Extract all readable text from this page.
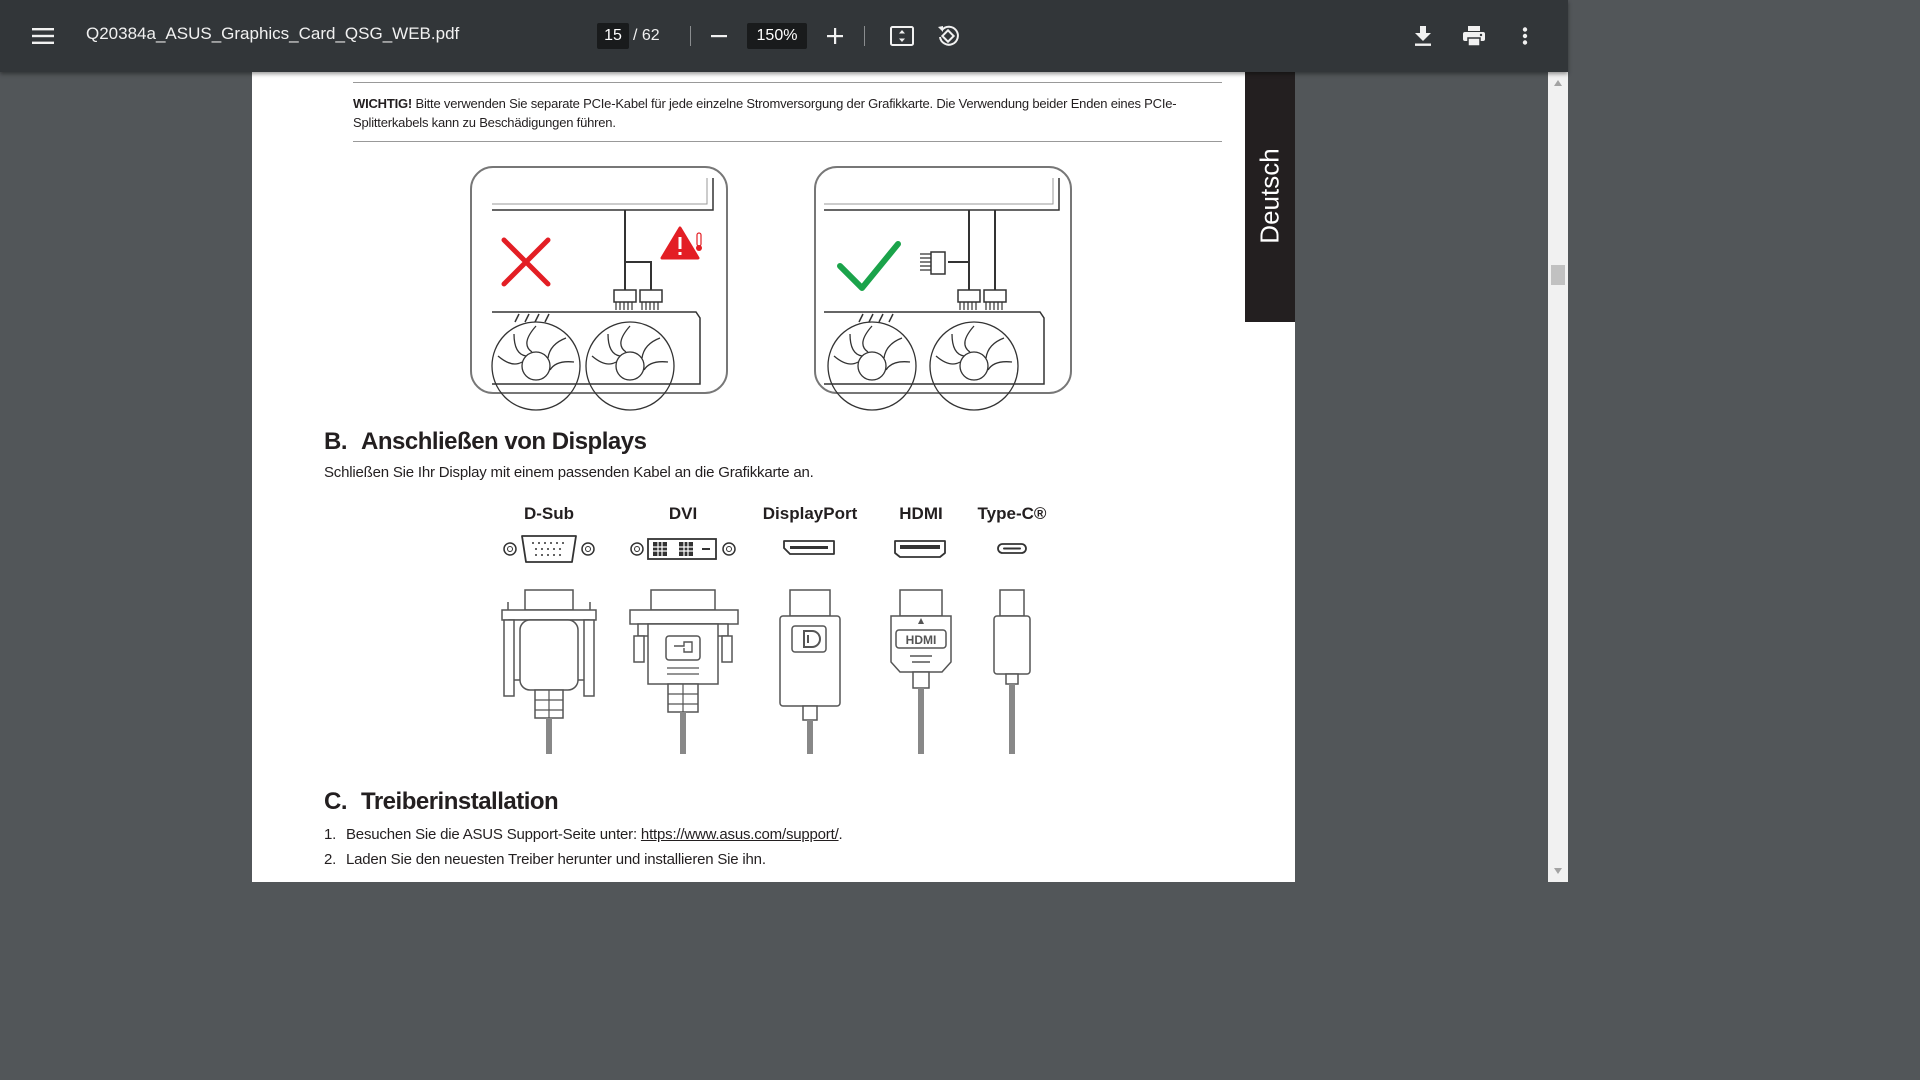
Q20384a_ASUS_Graphics_Card_QSG_WEB.pdf	15 / 62	150%
Deutsch
WICHTIG! Bitte verwenden Sie separate PCIe-Kabel für jede einzelne Stromversorgung der Grafikkarte. Die Verwendung beider Enden eines PCIe-Splitterkabels kann zu Beschädigungen führen.
B. Anschließen von Displays
Schließen Sie Ihr Display mit einem passenden Kabel an die Grafikkarte an.
D-Sub	DVI	DisplayPort HDMI Type-C®
HDMI
C. Treiberinstallation
1. Besuchen Sie die ASUS Support-Seite unter: https://www.asus.com/support/.
2. Laden Sie den neuesten Treiber herunter und installieren Sie ihn.
